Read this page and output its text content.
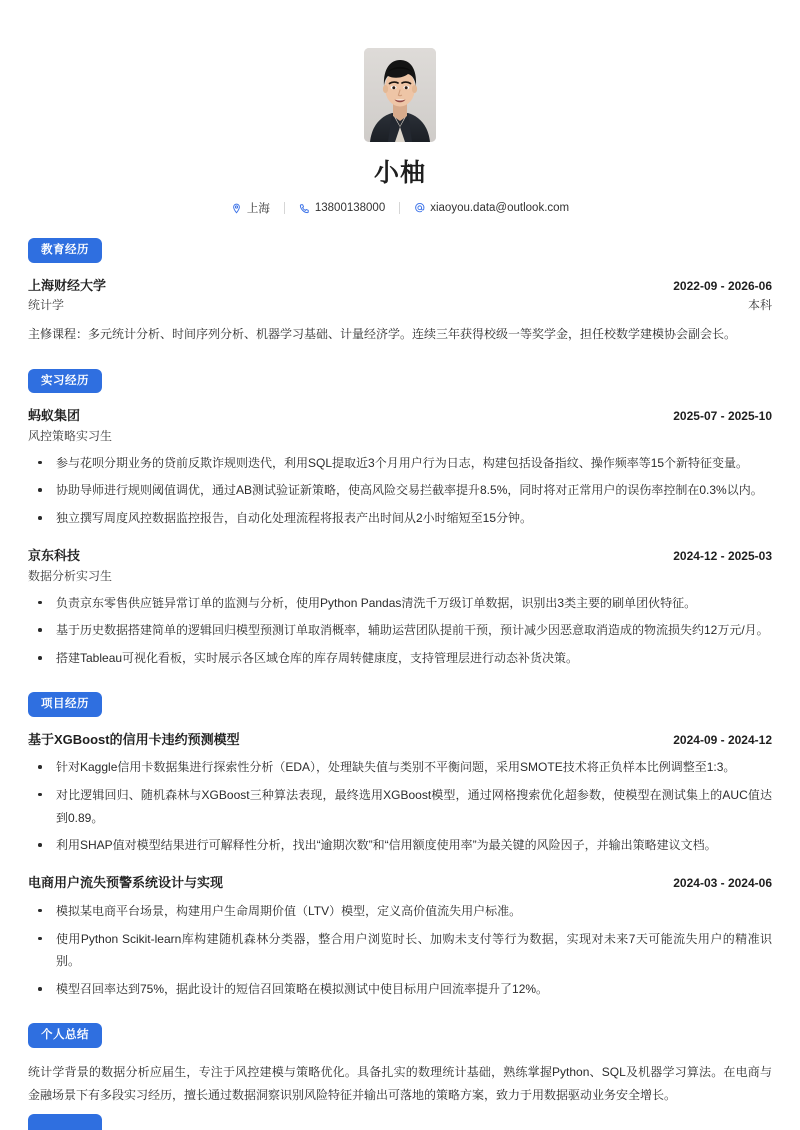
小柚
上海	13800138000	xiaoyou.data@outlook.com
教育经历
上海财经大学	2022-09 - 2026-06
统计学	本科
主修课程：多元统计分析、时间序列分析、机器学习基础、计量经济学。连续三年获得校级一等奖学金，担任校数学建模协会副会长。
实习经历
蚂蚁集团	2025-07 - 2025-10
风控策略实习生
参与花呗分期业务的贷前反欺诈规则迭代，利用SQL提取近3个月用户行为日志，构建包括设备指纹、操作频率等15个新特征变量。
协助导师进行规则阈值调优，通过AB测试验证新策略，使高风险交易拦截率提升8.5%，同时将对正常用户的误伤率控制在0.3%以内。
独立撰写周度风控数据监控报告，自动化处理流程将报表产出时间从2小时缩短至15分钟。
京东科技	2024-12 - 2025-03
数据分析实习生
负责京东零售供应链异常订单的监测与分析，使用Python Pandas清洗千万级订单数据，识别出3类主要的刷单团伙特征。
基于历史数据搭建简单的逻辑回归模型预测订单取消概率，辅助运营团队提前干预，预计减少因恶意取消造成的物流损失约12万元/月。
搭建Tableau可视化看板，实时展示各区域仓库的库存周转健康度，支持管理层进行动态补货决策。
项目经历
基于XGBoost的信用卡违约预测模型	2024-09 - 2024-12
针对Kaggle信用卡数据集进行探索性分析（EDA），处理缺失值与类别不平衡问题，采用SMOTE技术将正负样本比例调整至1:3。
对比逻辑回归、随机森林与XGBoost三种算法表现，最终选用XGBoost模型，通过网格搜索优化超参数，使模型在测试集上的AUC值达到0.89。
利用SHAP值对模型结果进行可解释性分析，找出“逾期次数”和“信用额度使用率”为最关键的风险因子，并输出策略建议文档。
电商用户流失预警系统设计与实现	2024-03 - 2024-06
模拟某电商平台场景，构建用户生命周期价值（LTV）模型，定义高价值流失用户标准。
使用Python Scikit-learn库构建随机森林分类器，整合用户浏览时长、加购未支付等行为数据，实现对未来7天可能流失用户的精准识别。
模型召回率达到75%，据此设计的短信召回策略在模拟测试中使目标用户回流率提升了12%。
个人总结
统计学背景的数据分析应届生，专注于风控建模与策略优化。具备扎实的数理统计基础，熟练掌握Python、SQL及机器学习算法。在电商与金融场景下有多段实习经历，擅长通过数据洞察识别风险特征并输出可落地的策略方案，致力于用数据驱动业务安全增长。
